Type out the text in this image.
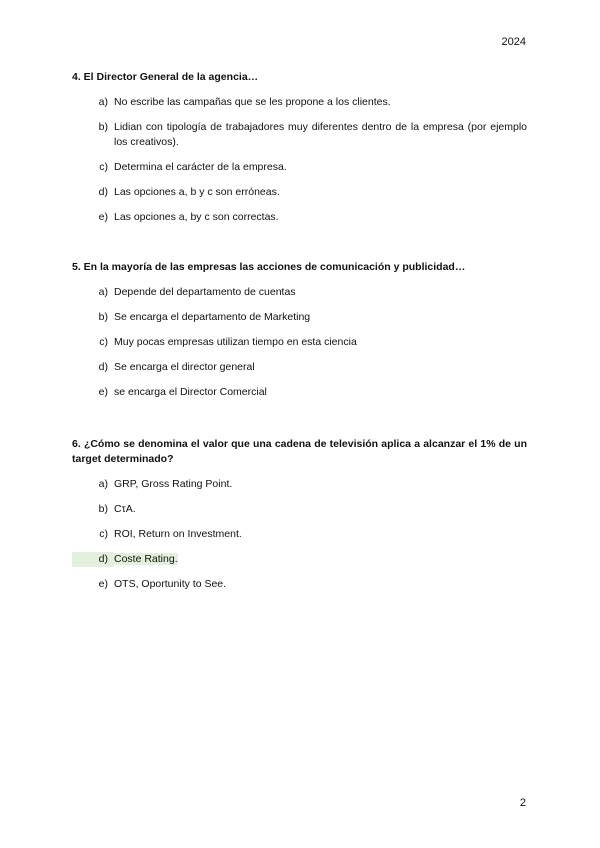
2024

4. El Director General de la agencia…

a) No escribe las campañas que se les propone a los clientes.
b) Lidian con tipología de trabajadores muy diferentes dentro de la empresa (por ejemplo los creativos).
c) Determina el carácter de la empresa.
d) Las opciones a, b y c son erróneas.
e) Las opciones a, by c son correctas.

5. En la mayoría de las empresas las acciones de comunicación y publicidad…

a) Depende del departamento de cuentas
b) Se encarga el departamento de Marketing
c) Muy pocas empresas utilizan tiempo en esta ciencia
d) Se encarga el director general
e) se encarga el Director Comercial

6. ¿Cómo se denomina el valor que una cadena de televisión aplica a alcanzar el 1% de un target determinado?

a) GRP, Gross Rating Point.
b) CτA.
c) ROI, Return on Investment.
d) Coste Rating.
e) OTS, Oportunity to See.
2
